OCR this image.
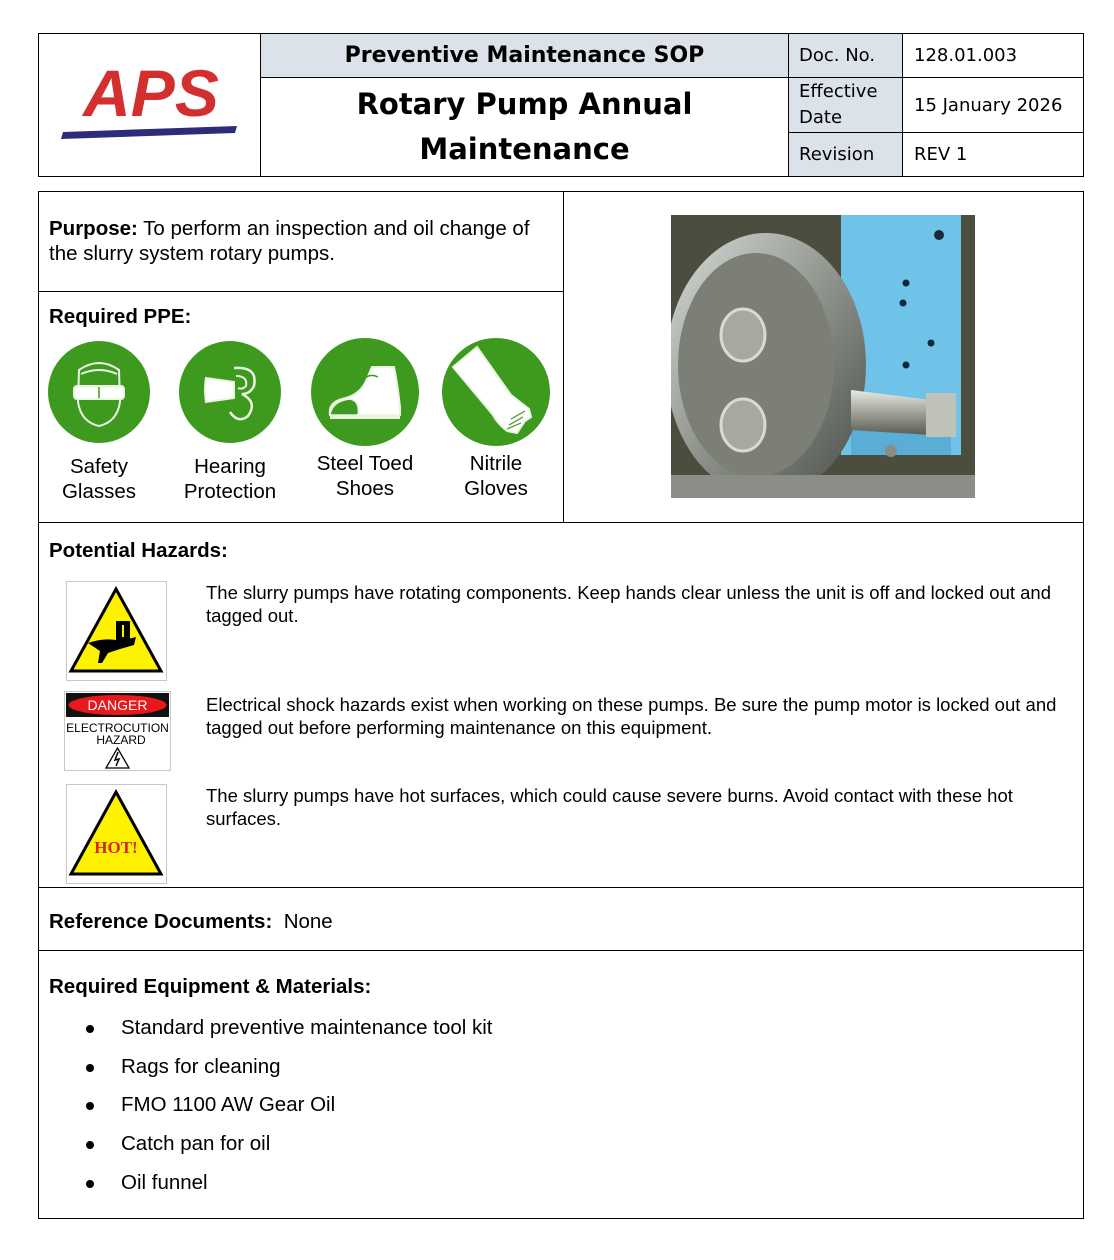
APS
Preventive Maintenance SOP
Rotary Pump Annual
Maintenance
Doc. No.	128.01.003
Effective Date
15 January 2026
Revision	REV 1
Purpose: To perform an inspection and oil change of the slurry system rotary pumps.
Required PPE:
Safety
Glasses
Hearing
Protection
Steel Toed
Shoes
Nitrile
Gloves
Potential Hazards:
The slurry pumps have rotating components. Keep hands clear unless the unit is off and locked out and tagged out.
DANGER
ELECTROCUTION
HAZARD
Electrical shock hazards exist when working on these pumps. Be sure the pump motor is locked out and tagged out before performing maintenance on this equipment.
HOT!
The slurry pumps have hot surfaces, which could cause severe burns. Avoid contact with these hot surfaces.
Reference Documents: None
Required Equipment & Materials:
Standard preventive maintenance tool kit
Rags for cleaning
FMO 1100 AW Gear Oil
Catch pan for oil
Oil funnel
